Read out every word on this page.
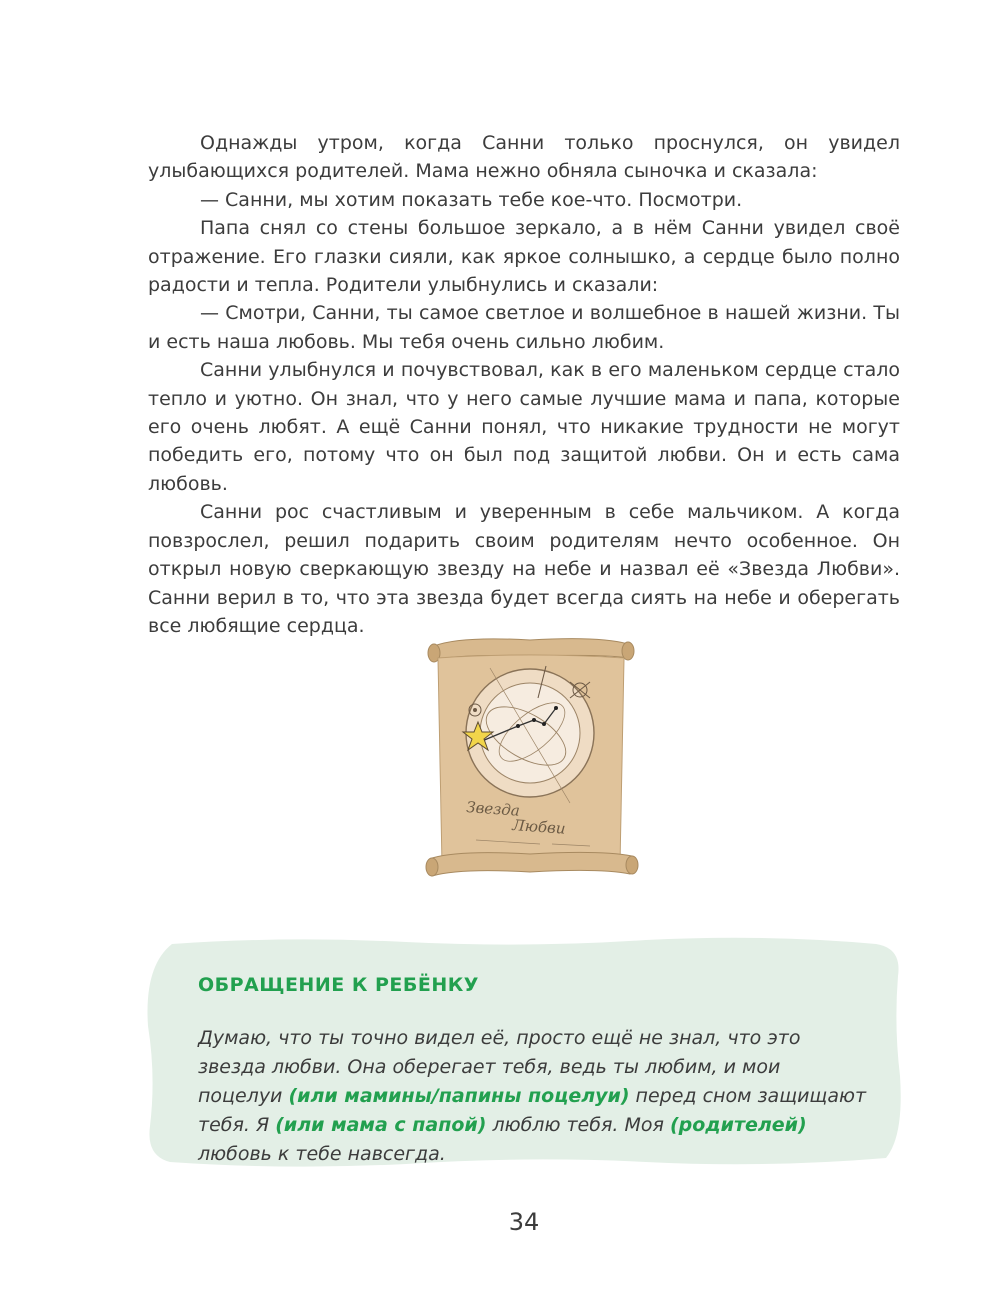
Однажды утром, когда Санни только проснулся, он увидел улыбающихся родителей. Мама нежно обняла сыночка и сказала:

— Санни, мы хотим показать тебе кое-что. Посмотри.

Папа снял со стены большое зеркало, а в нём Санни увидел своё отражение. Его глазки сияли, как яркое солнышко, а сердце было полно радости и тепла. Родители улыбнулись и сказали:

— Смотри, Санни, ты самое светлое и волшебное в нашей жизни. Ты и есть наша любовь. Мы тебя очень сильно любим.

Санни улыбнулся и почувствовал, как в его маленьком сердце стало тепло и уютно. Он знал, что у него самые лучшие мама и папа, которые его очень любят. А ещё Санни понял, что никакие трудности не могут победить его, потому что он был под защитой любви. Он и есть сама любовь.

Санни рос счастливым и уверенным в себе мальчиком. А когда повзрослел, решил подарить своим родителям нечто особенное. Он открыл новую сверкающую звезду на небе и назвал её «Звезда Любви». Санни верил в то, что эта звезда будет всегда сиять на небе и оберегать все любящие сердца.

Звезда
Любви
ОБРАЩЕНИЕ К РЕБЁНКУ
Думаю, что ты точно видел её, просто ещё не знал, что это звезда любви. Она оберегает тебя, ведь ты любим, и мои поцелуи (или мамины/папины поцелуи) перед сном защищают тебя. Я (или мама с папой) люблю тебя. Моя (родителей) любовь к тебе навсегда.
34
